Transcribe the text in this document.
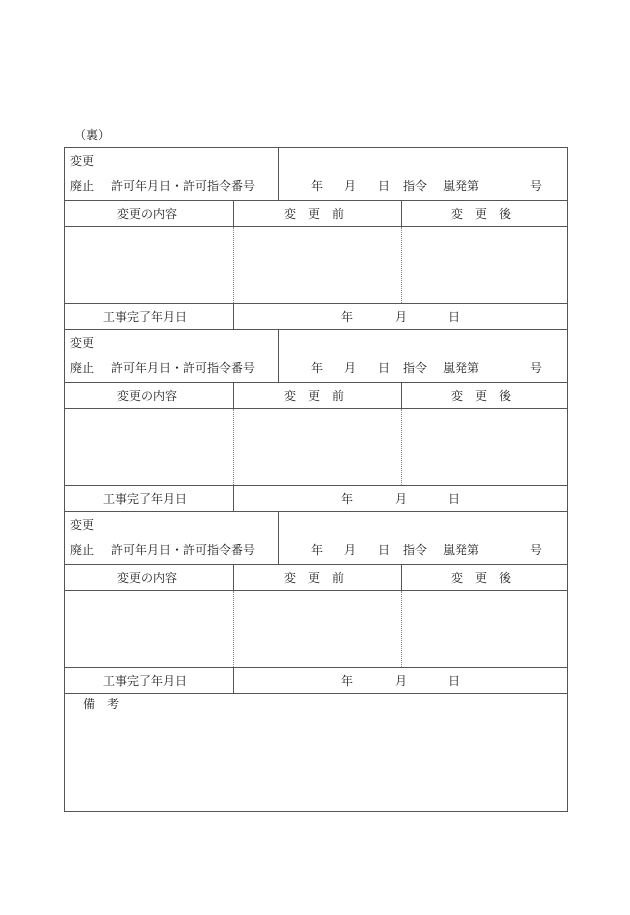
（裏）
変更
廃止 許可年月日・許可指令番号	年 月 日 指令 嵐発第	号
変更の内容	変　更　前	変　更　後
工事完了年月日	年	月	日
変更
廃止 許可年月日・許可指令番号	年 月 日 指令 嵐発第	号
変更の内容	変　更　前	変　更　後
工事完了年月日	年	月	日
変更
廃止 許可年月日・許可指令番号	年 月 日 指令 嵐発第	号
変更の内容	変　更　前	変　更　後
工事完了年月日	年	月	日
備　考
